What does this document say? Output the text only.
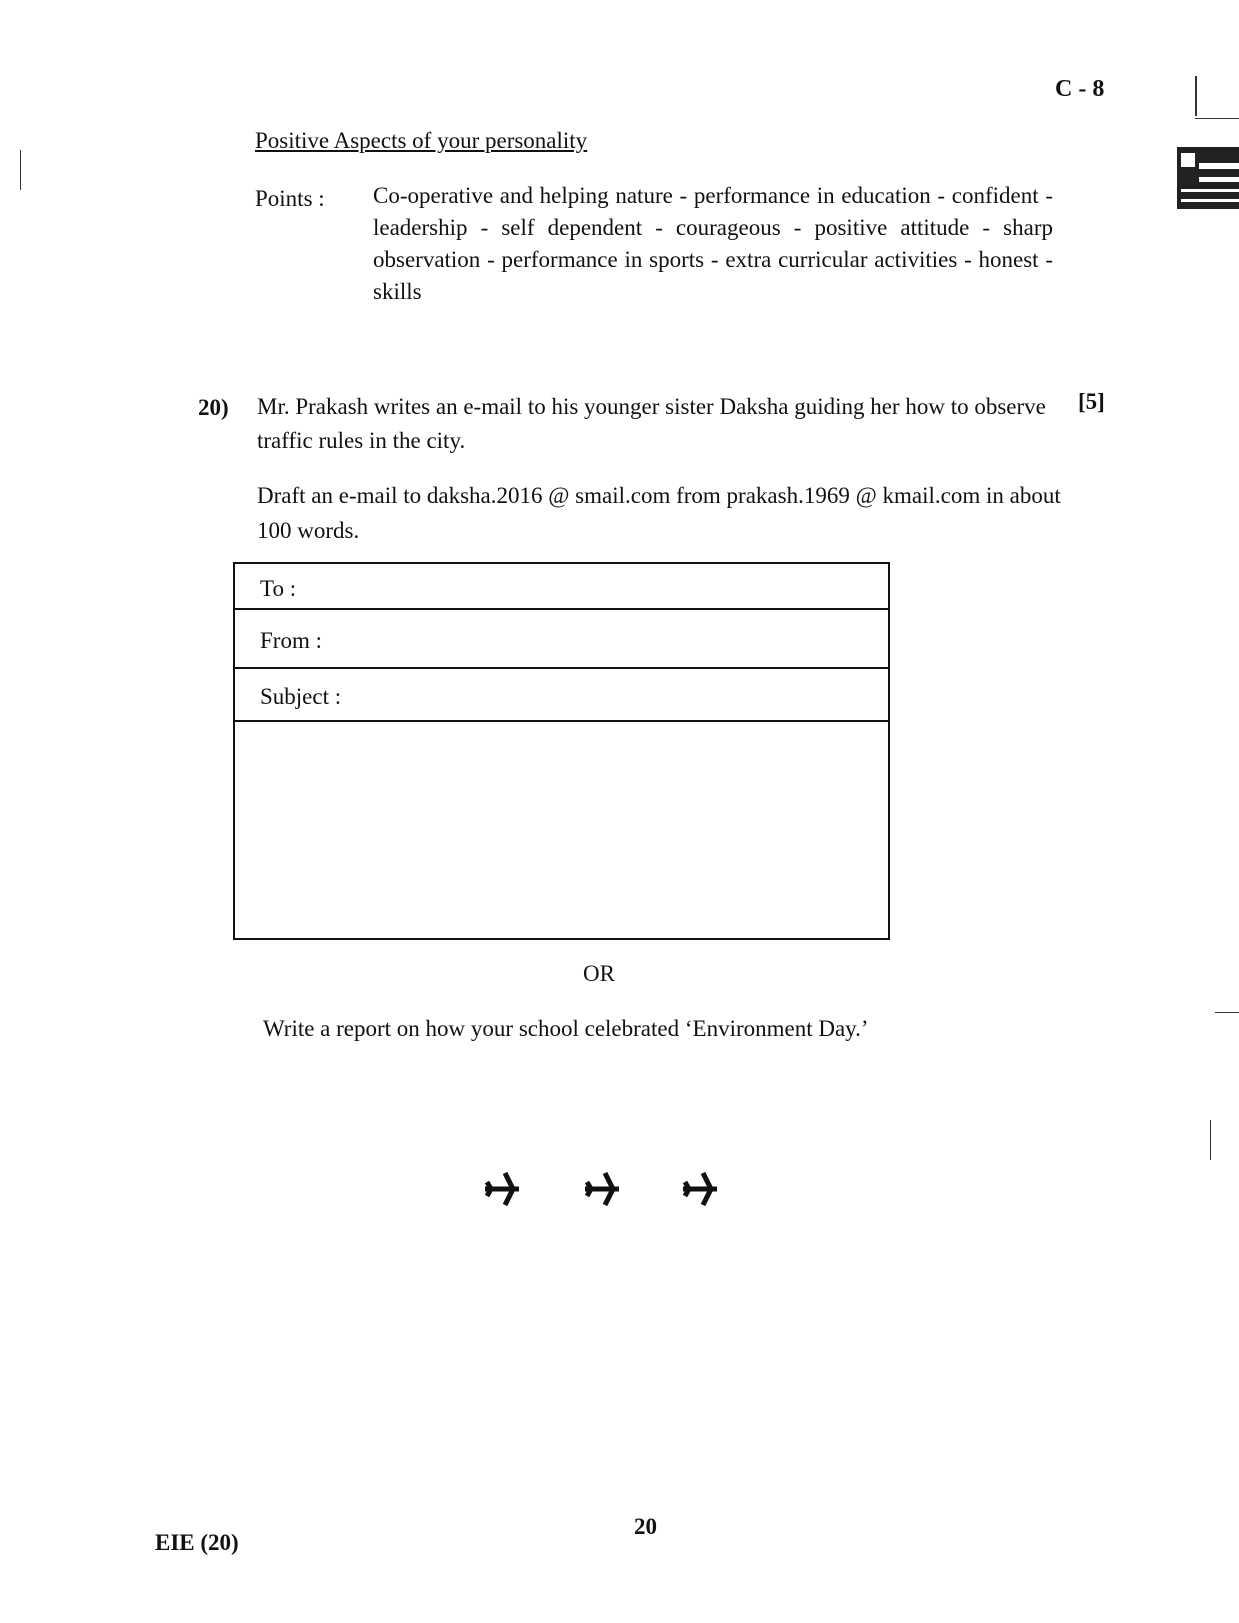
C - 8
Positive Aspects of your personality
Points : Co-operative and helping nature - performance in education - confident - leadership - self dependent - courageous - positive attitude - sharp observation - performance in sports - extra curricular activities - honest - skills
20) Mr. Prakash writes an e-mail to his younger sister Daksha guiding her how to observe traffic rules in the city.
[5]
Draft an e-mail to daksha.2016 @ smail.com from prakash.1969 @ kmail.com in about 100 words.
To :
From :
Subject :
OR
Write a report on how your school celebrated ‘Environment Day.’
20
EIE (20)
